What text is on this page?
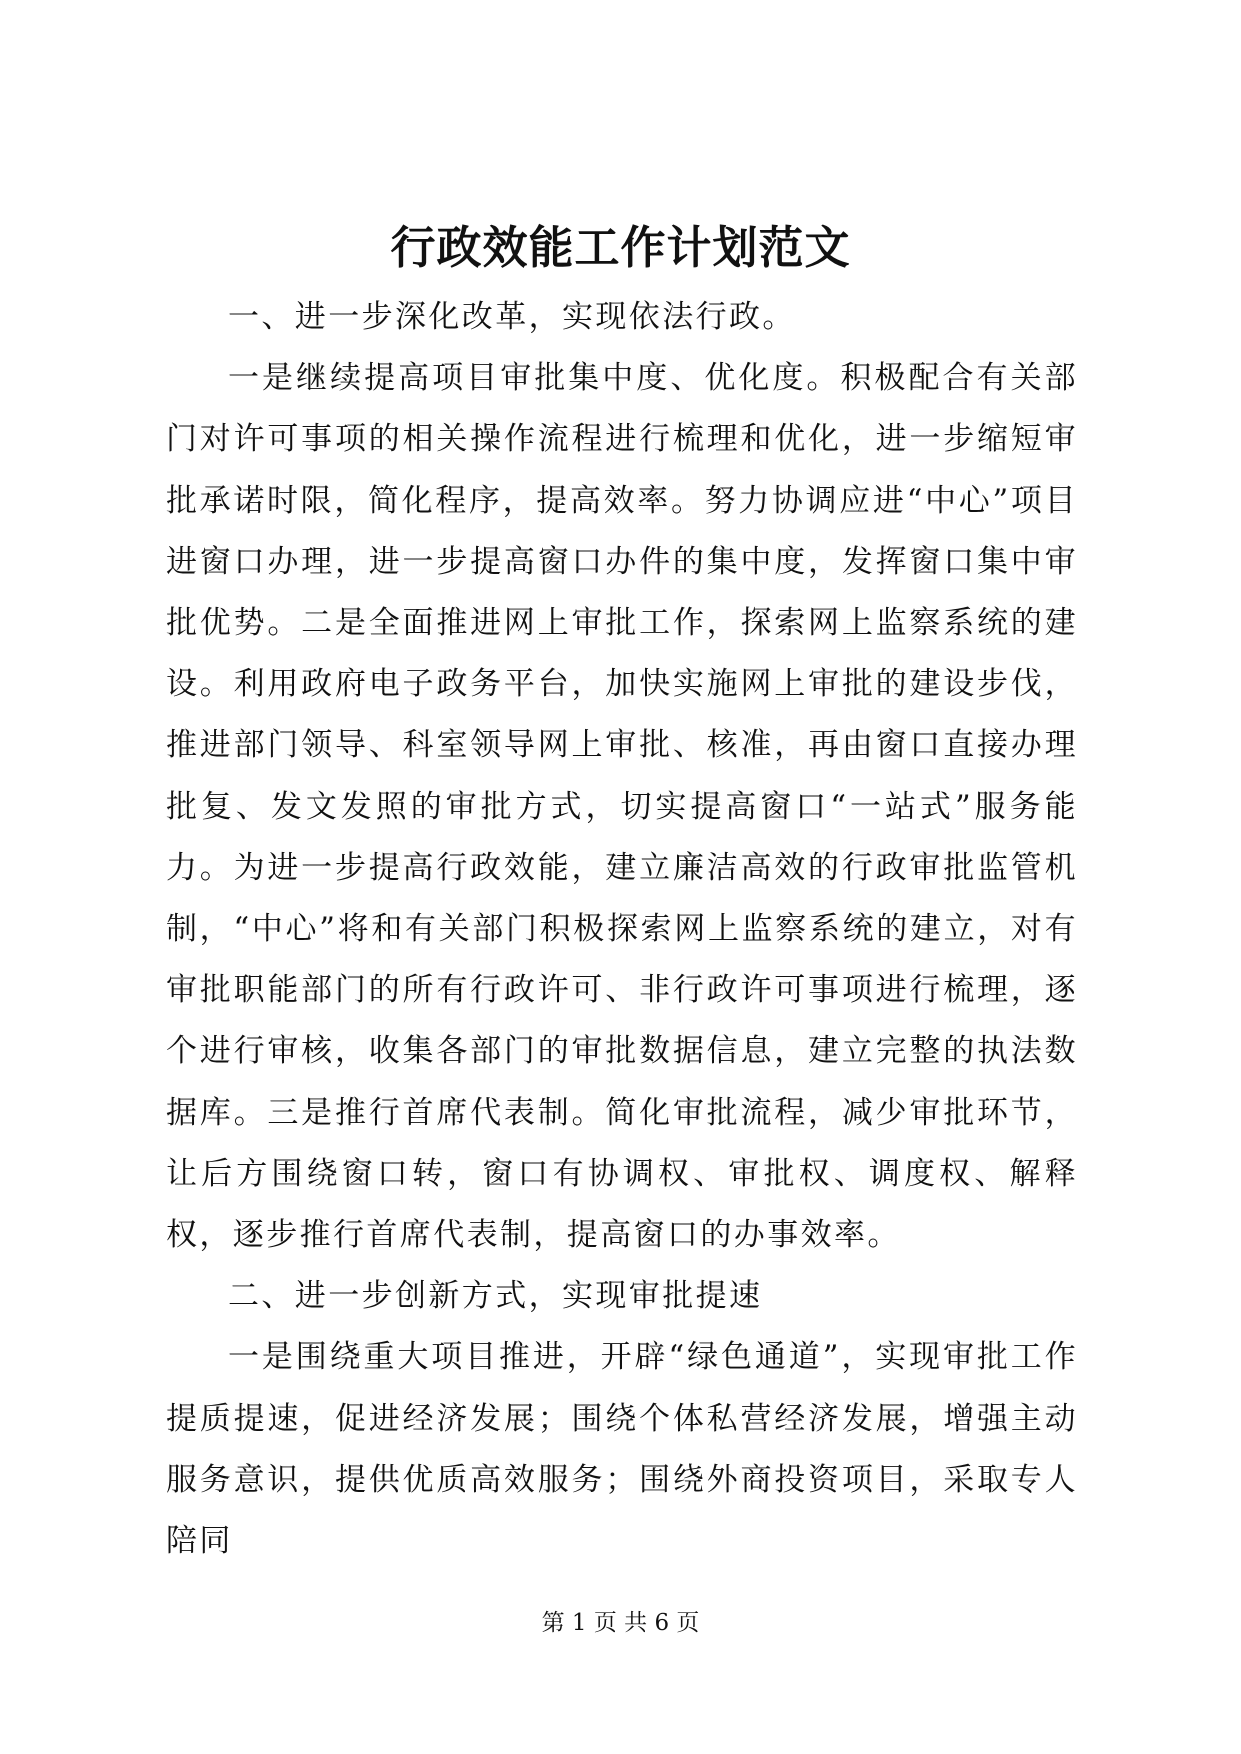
行政效能工作计划范文

一、进一步深化改革，实现依法行政。

一是继续提高项目审批集中度、优化度。积极配合有关部门对许可事项的相关操作流程进行梳理和优化，进一步缩短审批承诺时限，简化程序，提高效率。努力协调应进“中心”项目进窗口办理，进一步提高窗口办件的集中度，发挥窗口集中审批优势。二是全面推进网上审批工作，探索网上监察系统的建设。利用政府电子政务平台，加快实施网上审批的建设步伐，推进部门领导、科室领导网上审批、核准，再由窗口直接办理批复、发文发照的审批方式，切实提高窗口“一站式”服务能力。为进一步提高行政效能，建立廉洁高效的行政审批监管机制，“中心”将和有关部门积极探索网上监察系统的建立，对有审批职能部门的所有行政许可、非行政许可事项进行梳理，逐个进行审核，收集各部门的审批数据信息，建立完整的执法数据库。三是推行首席代表制。简化审批流程，减少审批环节，让后方围绕窗口转，窗口有协调权、审批权、调度权、解释权，逐步推行首席代表制，提高窗口的办事效率。

二、进一步创新方式，实现审批提速

一是围绕重大项目推进，开辟“绿色通道”，实现审批工作提质提速，促进经济发展；围绕个体私营经济发展，增强主动服务意识，提供优质高效服务；围绕外商投资项目，采取专人陪同

第 1 页 共 6 页
